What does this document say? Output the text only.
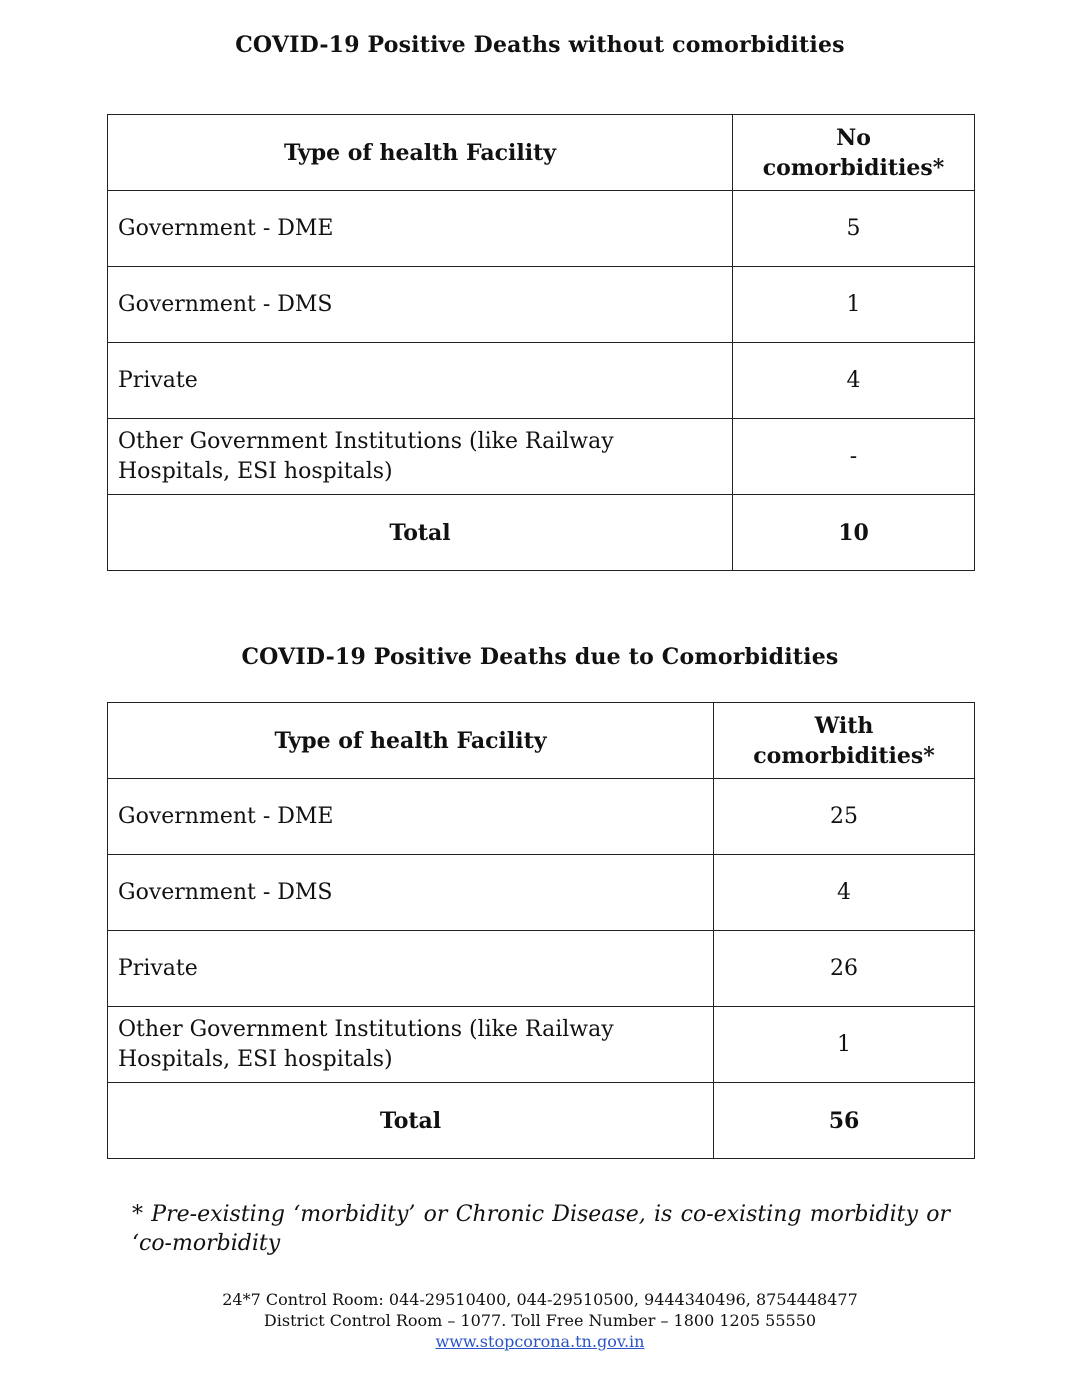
COVID-19 Positive Deaths without comorbidities
Type of health Facility	No comorbidities*
Government - DME	5
Government - DMS	1
Private	4
Other Government Institutions (like Railway Hospitals, ESI hospitals)	-
Total	10
COVID-19 Positive Deaths due to Comorbidities
Type of health Facility	With comorbidities*
Government - DME	25
Government - DMS	4
Private	26
Other Government Institutions (like Railway Hospitals, ESI hospitals)	1
Total	56
* Pre-existing ‘morbidity’ or Chronic Disease, is co-existing morbidity or ‘co-morbidity
24*7 Control Room: 044-29510400, 044-29510500, 9444340496, 8754448477
District Control Room – 1077. Toll Free Number – 1800 1205 55550
www.stopcorona.tn.gov.in
